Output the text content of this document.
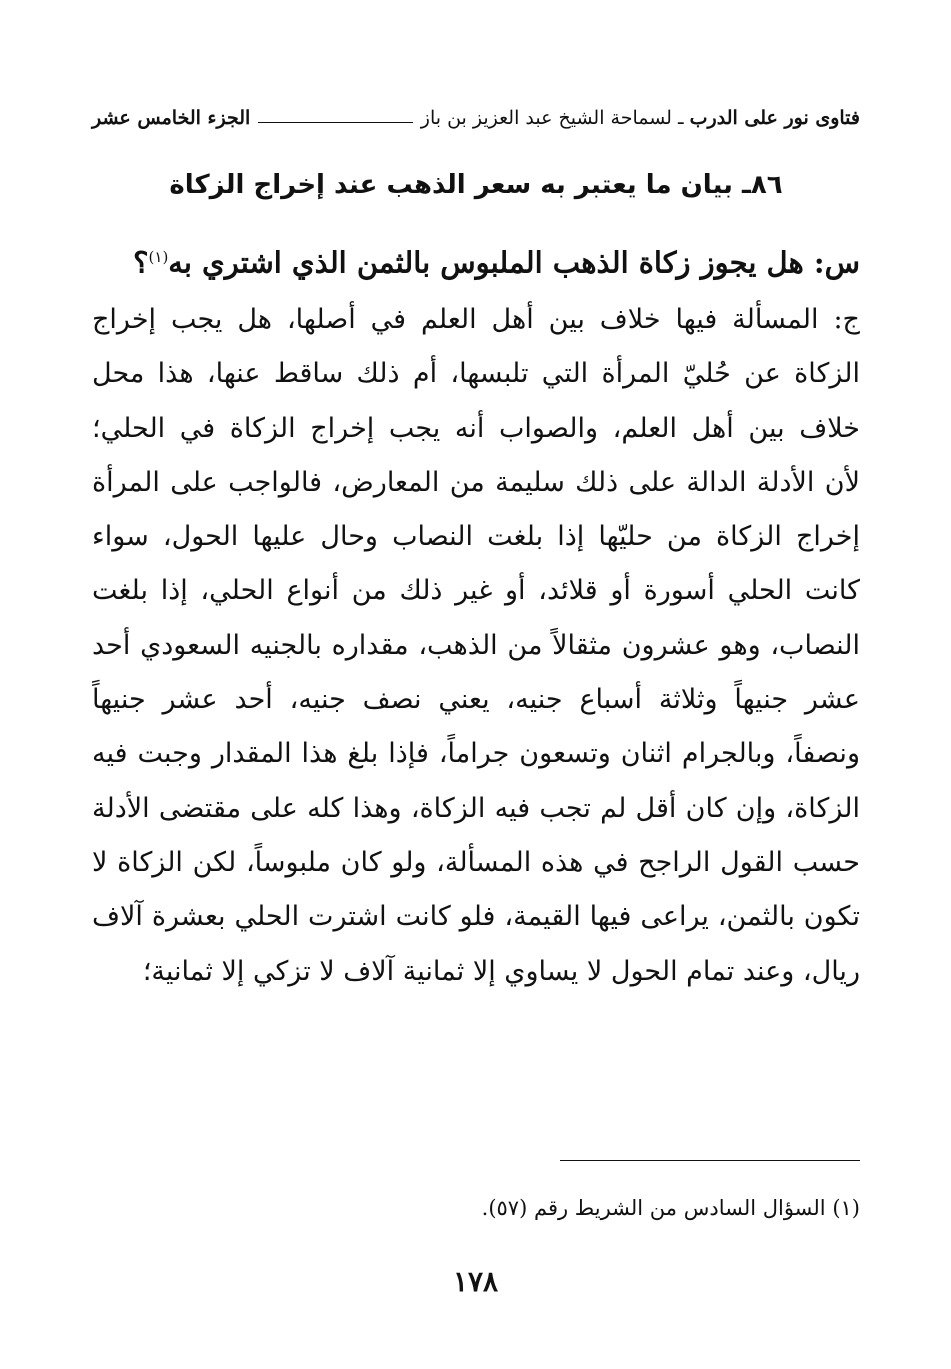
فتاوى نور على الدرب ـ لسماحة الشيخ عبد العزيز بن باز
الجزء الخامس عشر
٨٦ـ بيان ما يعتبر به سعر الذهب عند إخراج الزكاة
س: هل يجوز زكاة الذهب الملبوس بالثمن الذي اشتري به$^{(١)}$؟
ج: المسألة فيها خلاف بين أهل العلم في أصلها، هل يجب إخراج
الزكاة عن حُليّ المرأة التي تلبسها، أم ذلك ساقط عنها، هذا محل
خلاف بين أهل العلم، والصواب أنه يجب إخراج الزكاة في الحلي؛
لأن الأدلة الدالة على ذلك سليمة من المعارض، فالواجب على المرأة
إخراج الزكاة من حليّها إذا بلغت النصاب وحال عليها الحول، سواء
كانت الحلي أسورة أو قلائد، أو غير ذلك من أنواع الحلي، إذا بلغت
النصاب، وهو عشرون مثقالاً من الذهب، مقداره بالجنيه السعودي أحد
عشر جنيهاً وثلاثة أسباع جنيه، يعني نصف جنيه، أحد عشر جنيهاً
ونصفاً، وبالجرام اثنان وتسعون جراماً، فإذا بلغ هذا المقدار وجبت فيه
الزكاة، وإن كان أقل لم تجب فيه الزكاة، وهذا كله على مقتضى الأدلة
حسب القول الراجح في هذه المسألة، ولو كان ملبوساً، لكن الزكاة لا
تكون بالثمن، يراعى فيها القيمة، فلو كانت اشترت الحلي بعشرة آلاف
ريال، وعند تمام الحول لا يساوي إلا ثمانية آلاف لا تزكي إلا ثمانية؛
(١) السؤال السادس من الشريط رقم (٥٧).
١٧٨
